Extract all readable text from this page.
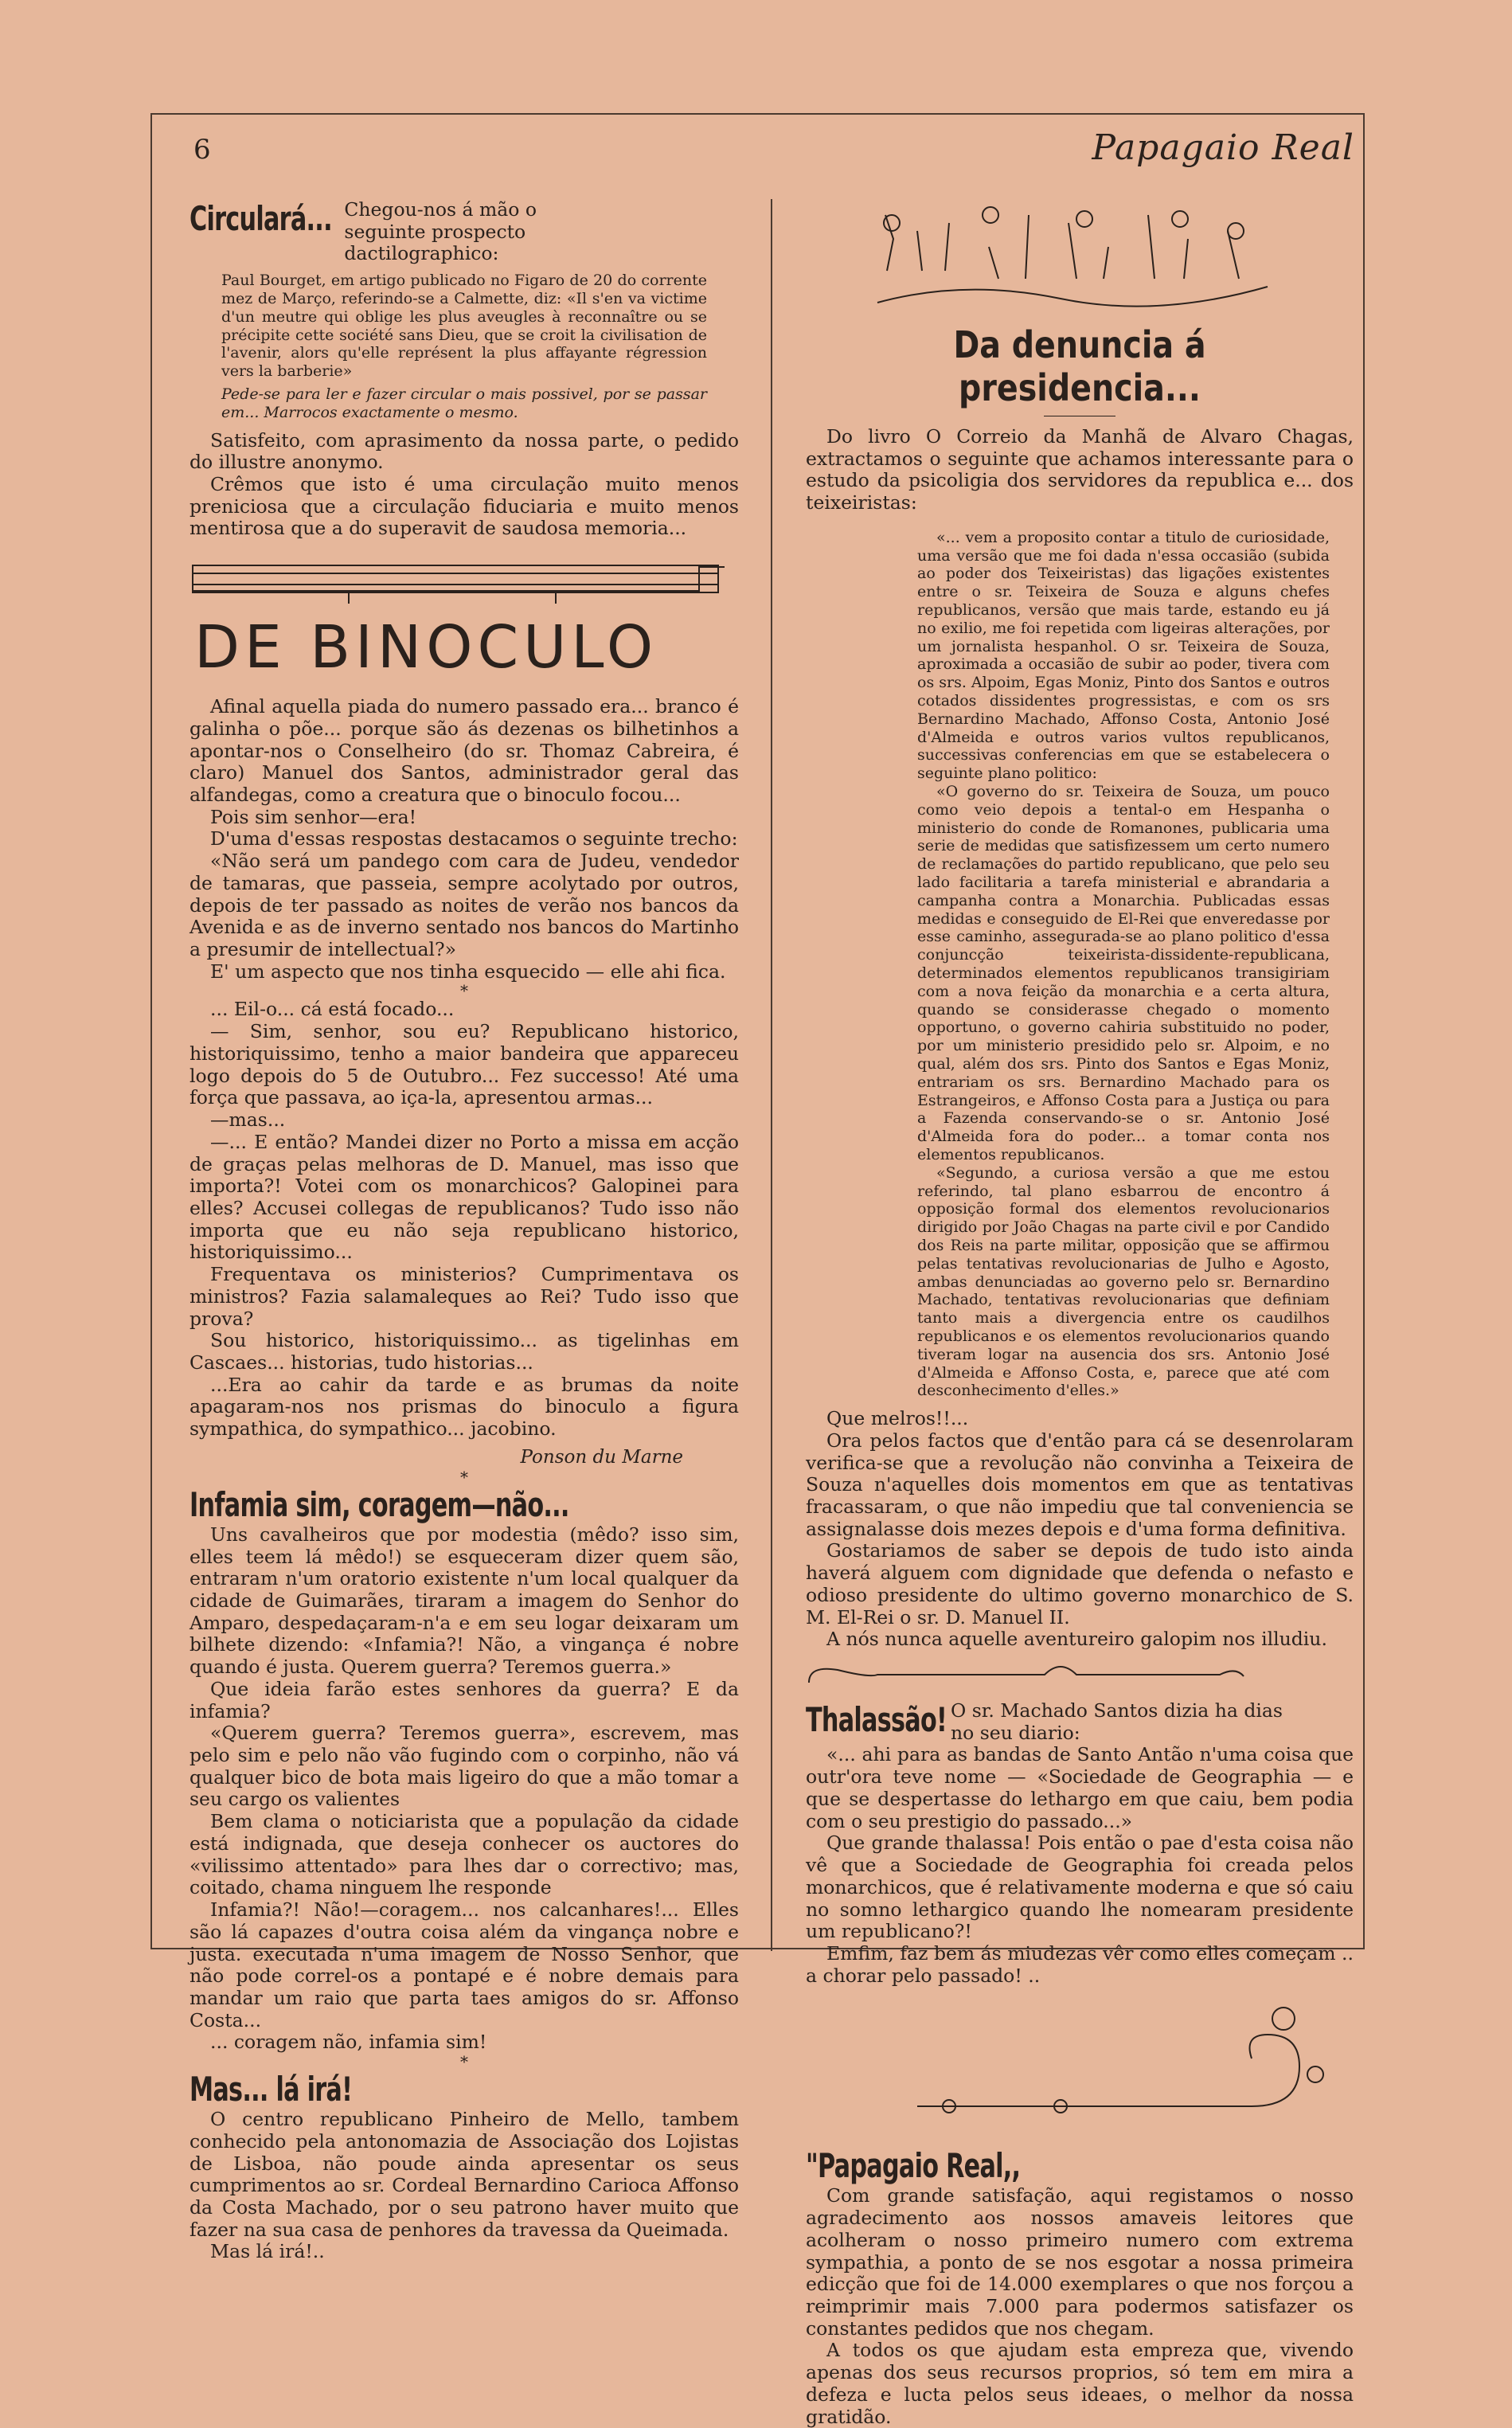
6	Papagaio Real
Circulará... Chegou-nos á mão o seguinte prospecto dactilographico:

Paul Bourget, em artigo publicado no Figaro de 20 do corrente mez de Março, referindo-se a Calmette, diz: «Il s'en va victime d'un meutre qui oblige les plus aveugles à reconnaître ou se précipite cette société sans Dieu, que se croit la civilisation de l'avenir, alors qu'elle représent la plus affayante régression vers la barberie»

Pede-se para ler e fazer circular o mais possivel, por se passar em... Marrocos exactamente o mesmo.

Satisfeito, com aprasimento da nossa parte, o pedido do illustre anonymo.

Crêmos que isto é uma circulação muito menos preniciosa que a circulação fiduciaria e muito menos mentirosa que a do superavit de saudosa memoria...

DE BINOCULO

Afinal aquella piada do numero passado era... branco é galinha o põe... porque são ás dezenas os bilhetinhos a apontar-nos o Conselheiro (do sr. Thomaz Cabreira, é claro) Manuel dos Santos, administrador geral das alfandegas, como a creatura que o binoculo focou...

Pois sim senhor—era!

D'uma d'essas respostas destacamos o seguinte trecho:

«Não será um pandego com cara de Judeu, vendedor de tamaras, que passeia, sempre acolytado por outros, depois de ter passado as noites de verão nos bancos da Avenida e as de inverno sentado nos bancos do Martinho a presumir de intellectual?»

E' um aspecto que nos tinha esquecido — elle ahi fica.

*

... Eil-o... cá está focado...

— Sim, senhor, sou eu? Republicano historico, historiquissimo, tenho a maior bandeira que appareceu logo depois do 5 de Outubro... Fez successo! Até uma força que passava, ao iça-la, apresentou armas...

—mas...

—... E então? Mandei dizer no Porto a missa em acção de graças pelas melhoras de D. Manuel, mas isso que importa?! Votei com os monarchicos? Galopinei para elles? Accusei collegas de republicanos? Tudo isso não importa que eu não seja republicano historico, historiquissimo...

Frequentava os ministerios? Cumprimentava os ministros? Fazia salamaleques ao Rei? Tudo isso que prova?

Sou historico, historiquissimo... as tigelinhas em Cascaes... historias, tudo historias...

...Era ao cahir da tarde e as brumas da noite apagaram-nos nos prismas do binoculo a figura sympathica, do sympathico... jacobino.

Ponson du Marne
*
Infamia sim, coragem—não...

Uns cavalheiros que por modestia (mêdo? isso sim, elles teem lá mêdo!) se esqueceram dizer quem são, entraram n'um oratorio existente n'um local qualquer da cidade de Guimarães, tiraram a imagem do Senhor do Amparo, despedaçaram-n'a e em seu logar deixaram um bilhete dizendo: «Infamia?! Não, a vingança é nobre quando é justa. Querem guerra? Teremos guerra.»

Que ideia farão estes senhores da guerra? E da infamia?

«Querem guerra? Teremos guerra», escrevem, mas pelo sim e pelo não vão fugindo com o corpinho, não vá qualquer bico de bota mais ligeiro do que a mão tomar a seu cargo os valientes

Bem clama o noticiarista que a população da cidade está indignada, que deseja conhecer os auctores do «vilissimo attentado» para lhes dar o correctivo; mas, coitado, chama ninguem lhe responde

Infamia?! Não!—coragem... nos calcanhares!... Elles são lá capazes d'outra coisa além da vingança nobre e justa. executada n'uma imagem de Nosso Senhor, que não pode correl-os a pontapé e é nobre demais para mandar um raio que parta taes amigos do sr. Affonso Costa...

... coragem não, infamia sim!

*
Mas... lá irá!

O centro republicano Pinheiro de Mello, tambem conhecido pela antonomazia de Associação dos Lojistas de Lisboa, não poude ainda apresentar os seus cumprimentos ao sr. Cordeal Bernardino Carioca Affonso da Costa Machado, por o seu patrono haver muito que fazer na sua casa de penhores da travessa da Queimada.

Mas lá irá!..

Da denuncia á presidencia...

Do livro O Correio da Manhã de Alvaro Chagas, extractamos o seguinte que achamos interessante para o estudo da psicoligia dos servidores da republica e... dos teixeiristas:

«... vem a proposito contar a titulo de curiosidade, uma versão que me foi dada n'essa occasião (subida ao poder dos Teixeiristas) das ligações existentes entre o sr. Teixeira de Souza e alguns chefes republicanos, versão que mais tarde, estando eu já no exilio, me foi repetida com ligeiras alterações, por um jornalista hespanhol. O sr. Teixeira de Souza, aproximada a occasião de subir ao poder, tivera com os srs. Alpoim, Egas Moniz, Pinto dos Santos e outros cotados dissidentes progressistas, e com os srs Bernardino Machado, Affonso Costa, Antonio José d'Almeida e outros varios vultos republicanos, successivas conferencias em que se estabelecera o seguinte plano politico:

«O governo do sr. Teixeira de Souza, um pouco como veio depois a tental-o em Hespanha o ministerio do conde de Romanones, publicaria uma serie de medidas que satisfizessem um certo numero de reclamações do partido republicano, que pelo seu lado facilitaria a tarefa ministerial e abrandaria a campanha contra a Monarchia. Publicadas essas medidas e conseguido de El-Rei que enveredasse por esse caminho, assegurada-se ao plano politico d'essa conjuncção teixeirista-dissidente-republicana, determinados elementos republicanos transigiriam com a nova feição da monarchia e a certa altura, quando se considerasse chegado o momento opportuno, o governo cahiria substituido no poder, por um ministerio presidido pelo sr. Alpoim, e no qual, além dos srs. Pinto dos Santos e Egas Moniz, entrariam os srs. Bernardino Machado para os Estrangeiros, e Affonso Costa para a Justiça ou para a Fazenda conservando-se o sr. Antonio José d'Almeida fora do poder... a tomar conta nos elementos republicanos.

«Segundo, a curiosa versão a que me estou referindo, tal plano esbarrou de encontro á opposição formal dos elementos revolucionarios dirigido por João Chagas na parte civil e por Candido dos Reis na parte militar, opposição que se affirmou pelas tentativas revolucionarias de Julho e Agosto, ambas denunciadas ao governo pelo sr. Bernardino Machado, tentativas revolucionarias que definiam tanto mais a divergencia entre os caudilhos republicanos e os elementos revolucionarios quando tiveram logar na ausencia dos srs. Antonio José d'Almeida e Affonso Costa, e, parece que até com desconhecimento d'elles.»

Que melros!!...

Ora pelos factos que d'então para cá se desenrolaram verifica-se que a revolução não convinha a Teixeira de Souza n'aquelles dois momentos em que as tentativas fracassaram, o que não impediu que tal conveniencia se assignalasse dois mezes depois e d'uma forma definitiva.

Gostariamos de saber se depois de tudo isto ainda haverá alguem com dignidade que defenda o nefasto e odioso presidente do ultimo governo monarchico de S. M. El-Rei o sr. D. Manuel II.

A nós nunca aquelle aventureiro galopim nos illudiu.

Thalassão! O sr. Machado Santos dizia ha dias no seu diario:

«... ahi para as bandas de Santo Antão n'uma coisa que outr'ora teve nome — «Sociedade de Geographia — e que se despertasse do lethargo em que caiu, bem podia com o seu prestigio do passado...»

Que grande thalassa! Pois então o pae d'esta coisa não vê que a Sociedade de Geographia foi creada pelos monarchicos, que é relativamente moderna e que só caiu no somno lethargico quando lhe nomearam presidente um republicano?!

Emfim, faz bem ás miudezas vêr como elles começam .. a chorar pelo passado! ..

"Papagaio Real,,

Com grande satisfação, aqui registamos o nosso agradecimento aos nossos amaveis leitores que acolheram o nosso primeiro numero com extrema sympathia, a ponto de se nos esgotar a nossa primeira edicção que foi de 14.000 exemplares o que nos forçou a reimprimir mais 7.000 para podermos satisfazer os constantes pedidos que nos chegam.

A todos os que ajudam esta empreza que, vivendo apenas dos seus recursos proprios, só tem em mira a defeza e lucta pelos seus ideaes, o melhor da nossa gratidão.
